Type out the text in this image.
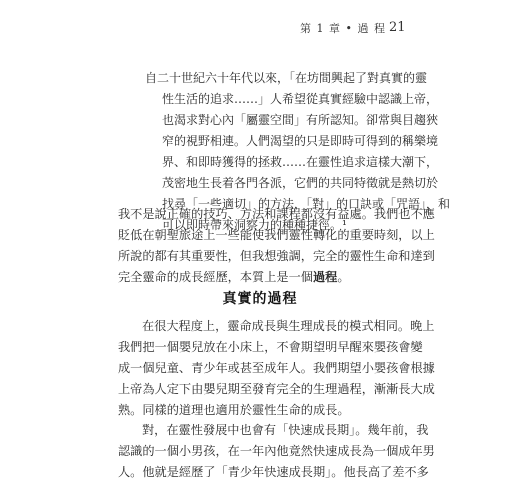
第 1 章 • 過 程 21
自二十世紀六十年代以來，「在坊間興起了對真實的靈
性生活的追求……」人希望從真實經驗中認識上帝，
也渴求對心內「屬靈空間」有所認知。卻常與目趨狹
窄的視野相連。人們渴望的只是即時可得到的稱樂境
界、和即時獲得的拯救……在靈性追求這樣大潮下，
茂密地生長着各門各派，它們的共同特徵就是熱切於
找尋「一些適切」的方法，「對」的口訣或「咒語」，和
可以即時帶來洞察力的種種捷徑。¹
我不是說正確的技巧、方法和課程都沒有益處。我們也不應
貶低在朝聖旅途上一些能使我們靈性轉化的重要時刻，以上
所說的都有其重要性，但我想強調，完全的靈性生命和達到
完全靈命的成長經歷，本質上是一個過程。
真實的過程
在很大程度上，靈命成長與生理成長的模式相同。晚上
我們把一個嬰兒放在小床上，不會期望明早醒來嬰孩會變
成一個兒童、青少年或甚至成年人。我們期望小嬰孩會根據
上帝為人定下由嬰兒期至發育完全的生理過程，漸漸長大成
熟。同樣的道理也適用於靈性生命的成長。
對，在靈性發展中也會有「快速成長期」。幾年前，我
認識的一個小男孩，在一年內他竟然快速成長為一個成年男
人。他就是經歷了「青少年快速成長期」。他長高了差不多
